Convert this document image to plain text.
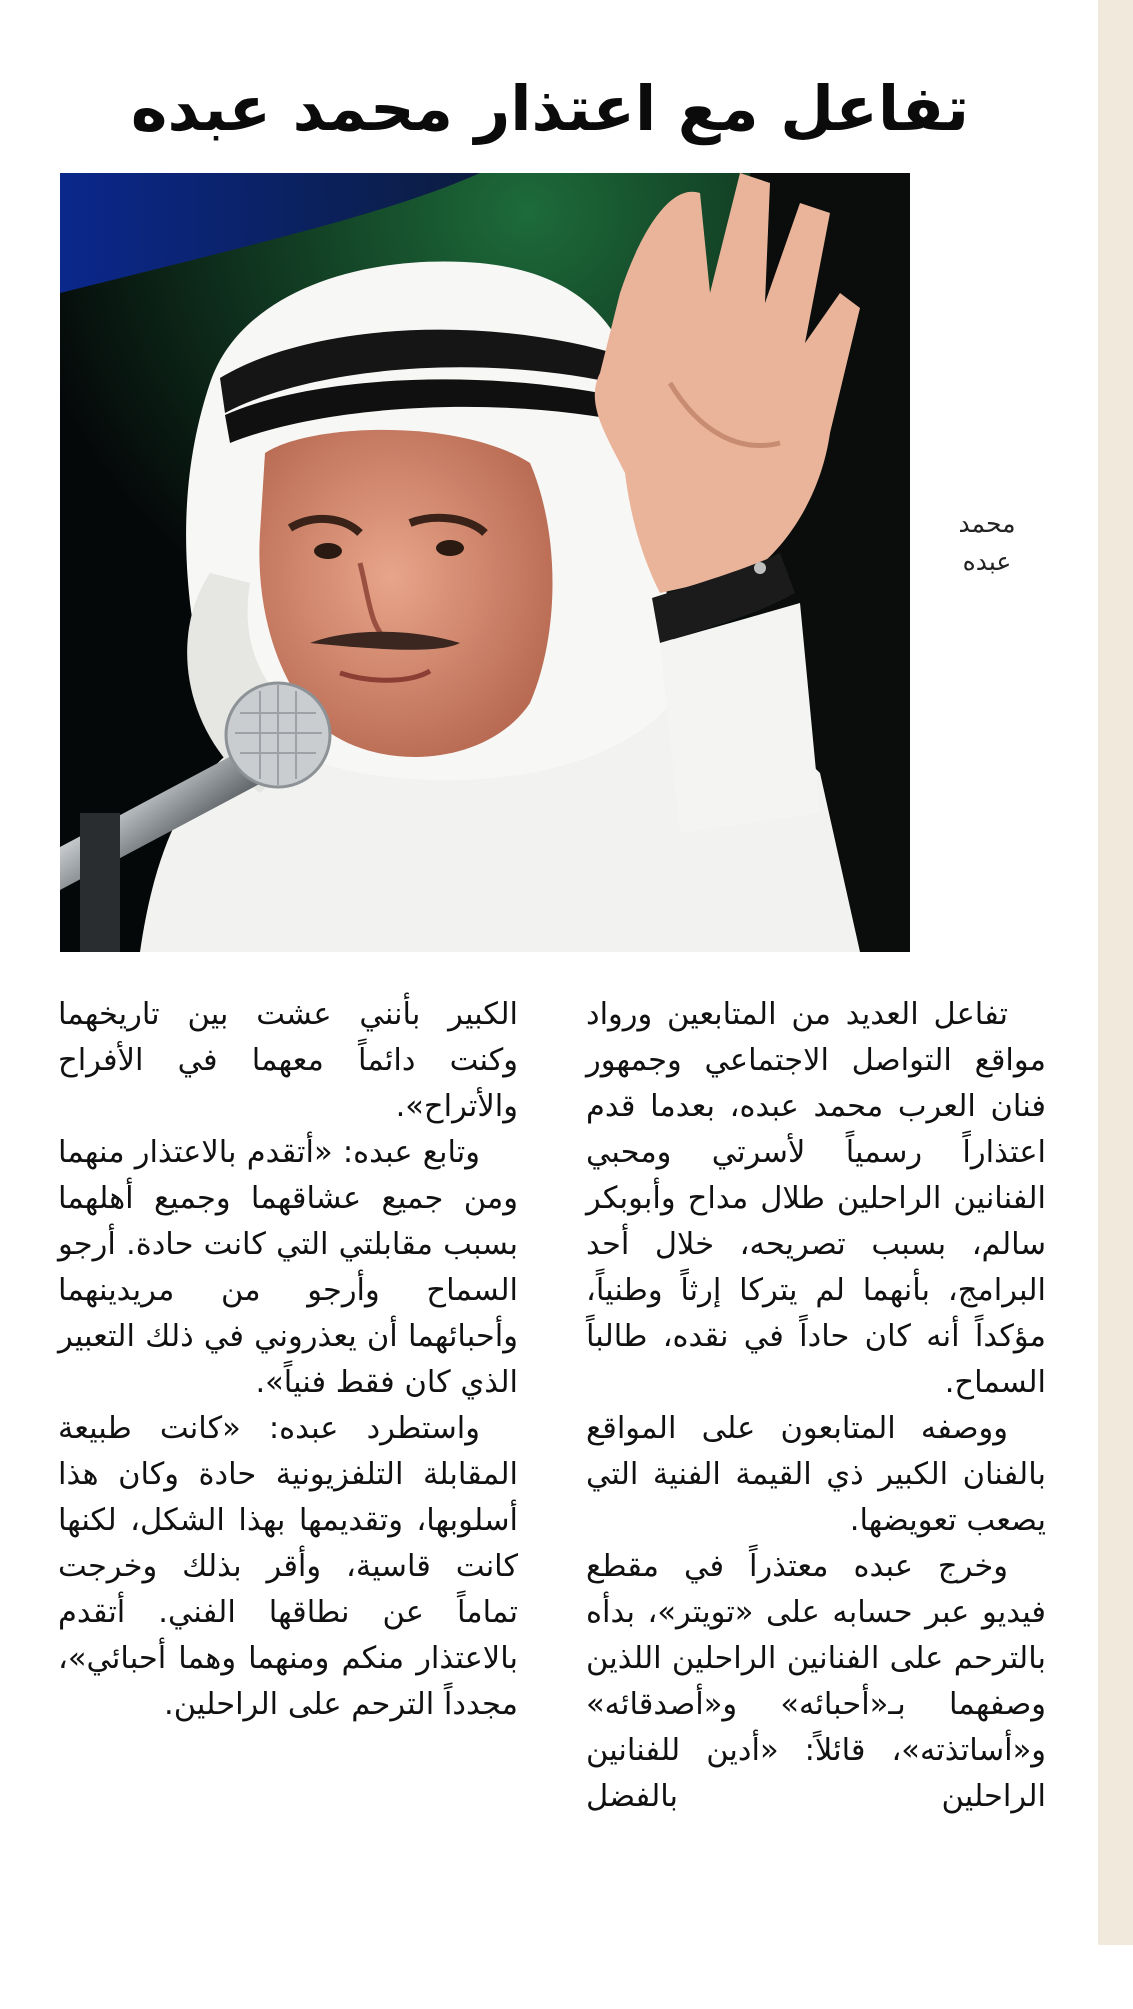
تفاعل مع اعتذار محمد عبده
محمد
عبده

تفاعل العديد من المتابعين ورواد مواقع التواصل الاجتماعي وجمهور فنان العرب محمد عبده، بعدما قدم اعتذاراً رسمياً لأسرتي ومحبي الفنانين الراحلين طلال مداح وأبوبكر سالم، بسبب تصريحه، خلال أحد البرامج، بأنهما لم يتركا إرثاً وطنياً، مؤكداً أنه كان حاداً في نقده، طالباً السماح.

ووصفه المتابعون على المواقع بالفنان الكبير ذي القيمة الفنية التي يصعب تعويضها.

وخرج عبده معتذراً في مقطع فيديو عبر حسابه على «تويتر»، بدأه بالترحم على الفنانين الراحلين اللذين وصفهما بـ«أحبائه» و«أصدقائه» و«أساتذته»، قائلاً: «أدين للفنانين الراحلين بالفضل

الكبير بأنني عشت بين تاريخهما وكنت دائماً معهما في الأفراح والأتراح».

وتابع عبده: «أتقدم بالاعتذار منهما ومن جميع عشاقهما وجميع أهلهما بسبب مقابلتي التي كانت حادة. أرجو السماح وأرجو من مريدينهما وأحبائهما أن يعذروني في ذلك التعبير الذي كان فقط فنياً».

واستطرد عبده: «كانت طبيعة المقابلة التلفزيونية حادة وكان هذا أسلوبها، وتقديمها بهذا الشكل، لكنها كانت قاسية، وأقر بذلك وخرجت تماماً عن نطاقها الفني. أتقدم بالاعتذار منكم ومنهما وهما أحبائي»، مجدداً الترحم على الراحلين.
